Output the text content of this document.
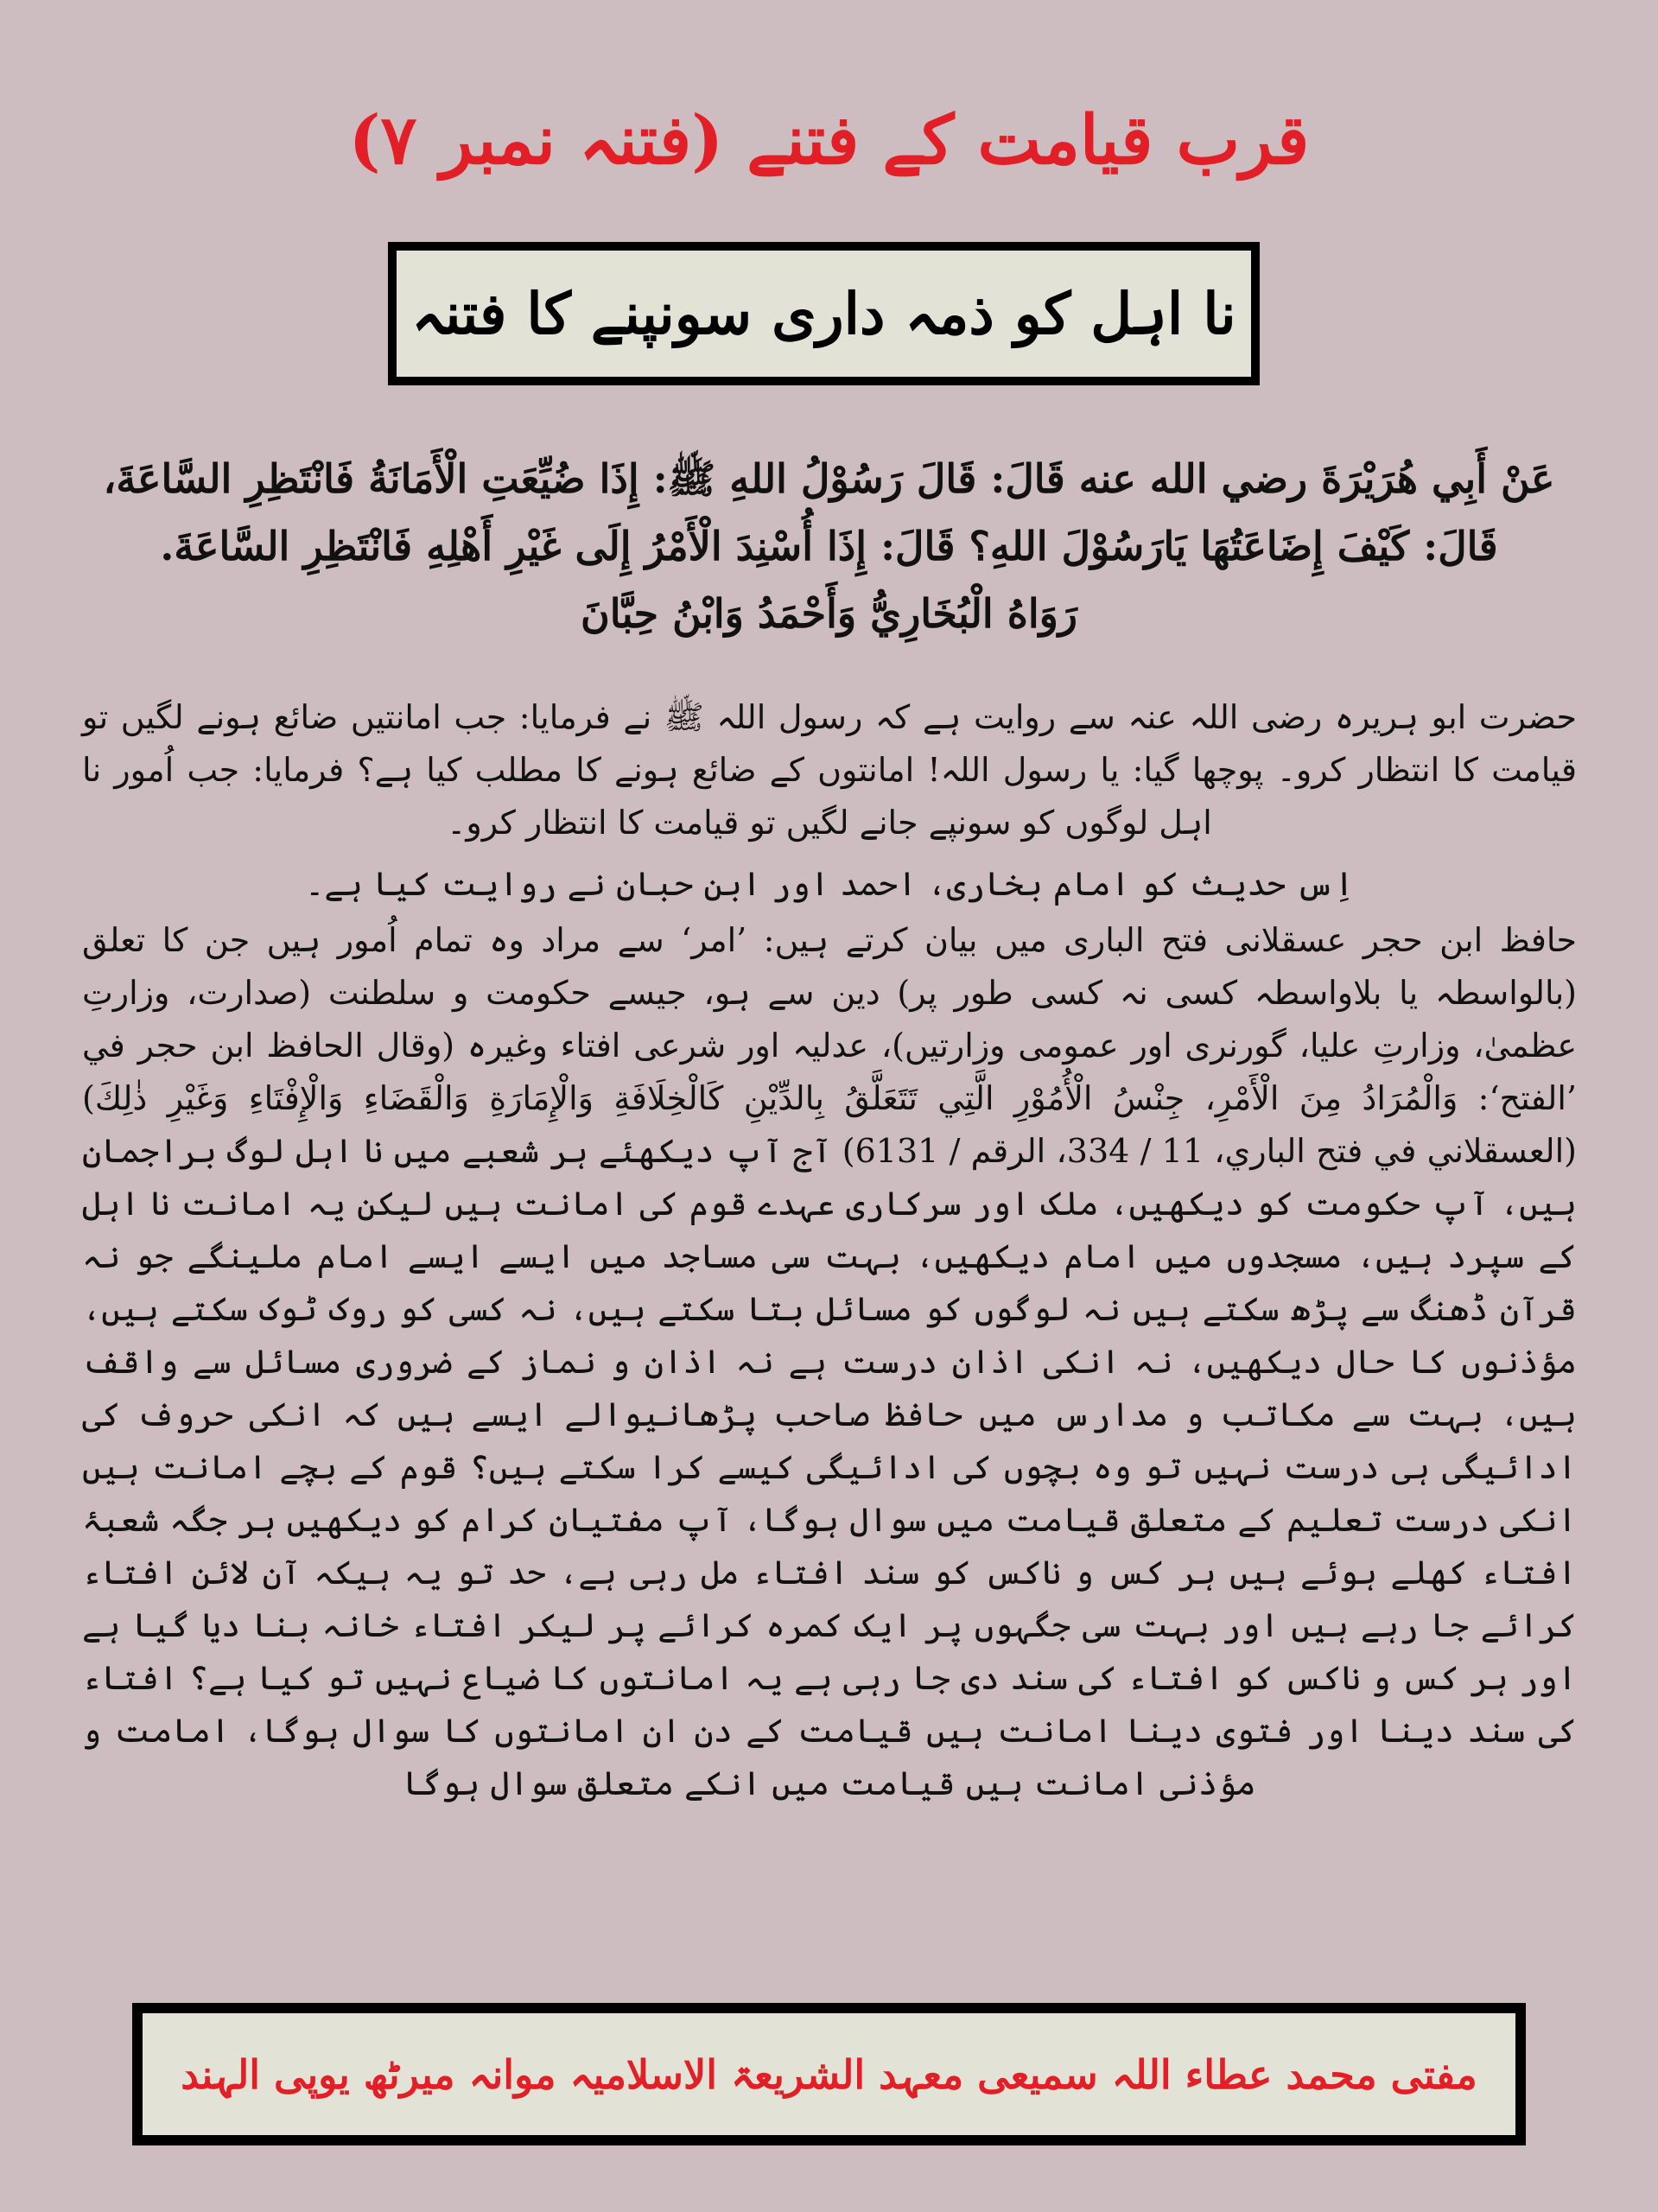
قرب قیامت کے فتنے (فتنہ نمبر ۷)
نا اہل کو ذمہ داری سونپنے کا فتنہ

عَنْ أَبِي هُرَيْرَةَ رضي الله عنه قَالَ: قَالَ رَسُوْلُ اللهِ ﷺ: إِذَا ضُيِّعَتِ الْأَمَانَةُ فَانْتَظِرِ السَّاعَةَ،

قَالَ: كَيْفَ إِضَاعَتُهَا يَارَسُوْلَ اللهِ؟ قَالَ: إِذَا أُسْنِدَ الْأَمْرُ إِلَى غَيْرِ أَهْلِهِ فَانْتَظِرِ السَّاعَةَ.

رَوَاهُ الْبُخَارِيُّ وَأَحْمَدُ وَابْنُ حِبَّانَ

حضرت ابو ہریرہ رضی اللہ عنہ سے روایت ہے کہ رسول اللہ ﷺ نے فرمایا: جب امانتیں ضائع ہونے لگیں تو قیامت کا انتظار کرو۔ پوچھا گیا: یا رسول اللہ! امانتوں کے ضائع ہونے کا مطلب کیا ہے؟ فرمایا: جب اُمور نا اہل لوگوں کو سونپے جانے لگیں تو قیامت کا انتظار کرو۔

اِس حدیث کو امام بخاری، احمد اور ابن حبان نے روایت کیا ہے۔

حافظ ابن حجر عسقلانی فتح الباری میں بیان کرتے ہیں: ’امر‘ سے مراد وہ تمام اُمور ہیں جن کا تعلق (بالواسطہ یا بلاواسطہ کسی نہ کسی طور پر) دین سے ہو، جیسے حکومت و سلطنت (صدارت، وزارتِ عظمیٰ، وزارتِ علیا، گورنری اور عمومی وزارتیں)، عدلیہ اور شرعی افتاء وغیرہ (وقال الحافظ ابن حجر في ’الفتح‘: وَالْمُرَادُ مِنَ الْأَمْرِ، جِنْسُ الْأُمُوْرِ الَّتِي تَتَعَلَّقُ بِالدِّيْنِ كَالْخِلَافَةِ وَالْإِمَارَةِ وَالْقَضَاءِ وَالْإِفْتَاءِ وَغَيْرِ ذٰلِكَ) (العسقلاني في فتح الباري، 11 / 334، الرقم / 6131) آج آپ دیکھئے ہر شعبے میں نا اہل لوگ براجمان ہیں، آپ حکومت کو دیکھیں، ملک اور سرکاری عہدے قوم کی امانت ہیں لیکن یہ امانت نا اہل کے سپرد ہیں، مسجدوں میں امام دیکھیں، بہت سی مساجد میں ایسے ایسے امام ملینگے جو نہ قرآن ڈھنگ سے پڑھ سکتے ہیں نہ لوگوں کو مسائل بتا سکتے ہیں، نہ کسی کو روک ٹوک سکتے ہیں، مؤذنوں کا حال دیکھیں، نہ انکی اذان درست ہے نہ اذان و نماز کے ضروری مسائل سے واقف ہیں، بہت سے مکاتب و مدارس میں حافظ صاحب پڑھانیوالے ایسے ہیں کہ انکی حروف کی ادائیگی ہی درست نہیں تو وہ بچوں کی ادائیگی کیسے کرا سکتے ہیں؟ قوم کے بچے امانت ہیں انکی درست تعلیم کے متعلق قیامت میں سوال ہوگا، آپ مفتیان کرام کو دیکھیں ہر جگہ شعبۂ افتاء کھلے ہوئے ہیں ہر کس و ناکس کو سند افتاء مل رہی ہے، حد تو یہ ہیکہ آن لائن افتاء کرائے جا رہے ہیں اور بہت سی جگہوں پر ایک کمرہ کرائے پر لیکر افتاء خانہ بنا دیا گیا ہے اور ہر کس و ناکس کو افتاء کی سند دی جا رہی ہے یہ امانتوں کا ضیاع نہیں تو کیا ہے؟ افتاء کی سند دینا اور فتوی دینا امانت ہیں قیامت کے دن ان امانتوں کا سوال ہوگا، امامت و مؤذنی امانت ہیں قیامت میں انکے متعلق سوال ہوگا

مفتی محمد عطاء اللہ سمیعی معہد الشریعۃ الاسلامیہ موانہ میرٹھ یوپی الہند
